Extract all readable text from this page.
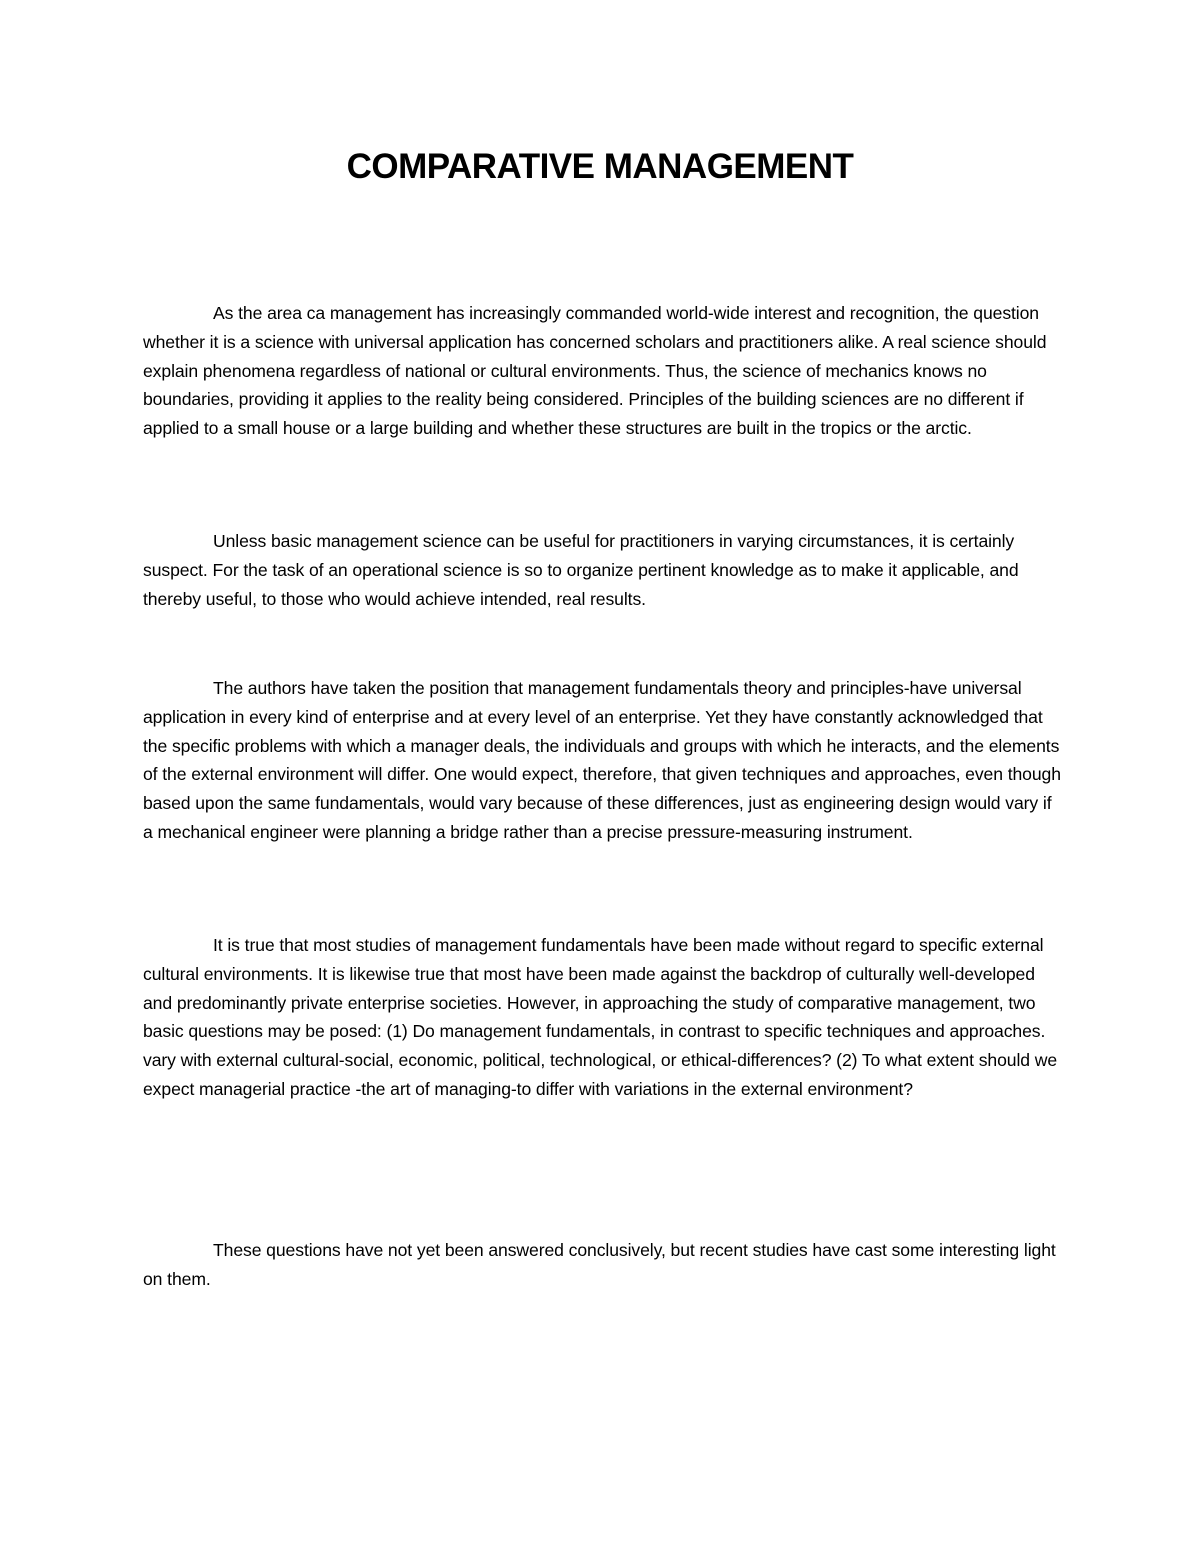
COMPARATIVE MANAGEMENT

As the area ca management has increasingly commanded world-wide interest and recognition, the question whether it is a science with universal application has concerned scholars and practitioners alike. A real science should explain phenomena regardless of national or cultural environments. Thus, the science of mechanics knows no boundaries, providing it applies to the reality being considered. Principles of the building sciences are no different if applied to a small house or a large building and whether these structures are built in the tropics or the arctic.

Unless basic management science can be useful for practitioners in varying circumstances, it is certainly suspect. For the task of an operational science is so to organize pertinent knowledge as to make it applicable, and thereby useful, to those who would achieve intended, real results.

The authors have taken the position that management fundamentals theory and principles-have universal application in every kind of enterprise and at every level of an enterprise. Yet they have constantly acknowledged that the specific problems with which a manager deals, the individuals and groups with which he interacts, and the elements of the external environment will differ. One would expect, therefore, that given techniques and approaches, even though based upon the same fundamentals, would vary because of these differences, just as engineering design would vary if a mechanical engineer were planning a bridge rather than a precise pressure-measuring instrument.

It is true that most studies of management fundamentals have been made without regard to specific external cultural environments. It is likewise true that most have been made against the backdrop of culturally well-developed and predominantly private enterprise societies. However, in approaching the study of comparative management, two basic questions may be posed: (1) Do management fundamentals, in contrast to specific techniques and approaches. vary with external cultural-social, economic, political, technological, or ethical-differences? (2) To what extent should we expect managerial practice -the art of managing-to differ with variations in the external environment?

These questions have not yet been answered conclusively, but recent studies have cast some interesting light on them.
